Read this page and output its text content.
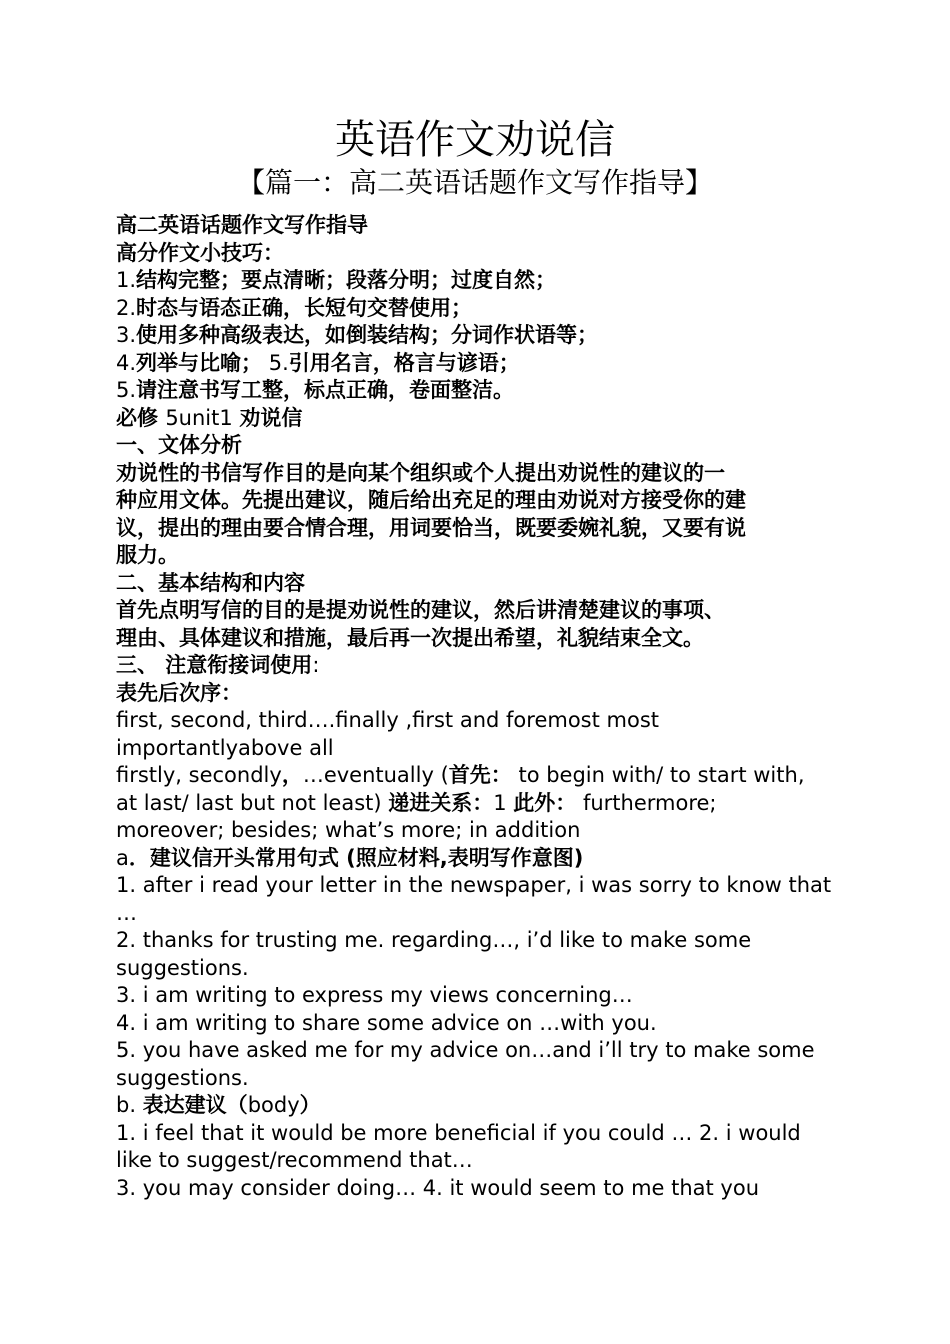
英语作文劝说信
【篇一：高二英语话题作文写作指导】
高二英语话题作文写作指导
高分作文小技巧：
1.结构完整；要点清晰；段落分明；过度自然；
2.时态与语态正确，长短句交替使用；
3.使用多种高级表达，如倒装结构；分词作状语等；
4.列举与比喻； 5.引用名言，格言与谚语；
5.请注意书写工整，标点正确，卷面整洁。
必修 5unit1 劝说信
一、文体分析
劝说性的书信写作目的是向某个组织或个人提出劝说性的建议的一
种应用文体。先提出建议，随后给出充足的理由劝说对方接受你的建
议，提出的理由要合情合理，用词要恰当，既要委婉礼貌，又要有说
服力。
二、基本结构和内容
首先点明写信的目的是提劝说性的建议，然后讲清楚建议的事项、
理由、具体建议和措施，最后再一次提出希望，礼貌结束全文。
三、 注意衔接词使用:
表先后次序：
first, second, third….finally ,first and foremost most
importantlyabove all
firstly, secondly，…eventually (首先： to begin with/ to start with,
at last/ last but not least) 递进关系：1 此外： furthermore;
moreover; besides; what’s more; in addition
a．建议信开头常用句式 (照应材料,表明写作意图)
1. after i read your letter in the newspaper, i was sorry to know that
…
2. thanks for trusting me. regarding…, i’d like to make some
suggestions.
3. i am writing to express my views concerning…
4. i am writing to share some advice on …with you.
5. you have asked me for my advice on…and i’ll try to make some
suggestions.
b. 表达建议（body）
1. i feel that it would be more beneficial if you could … 2. i would
like to suggest/recommend that…
3. you may consider doing… 4. it would seem to me that you
